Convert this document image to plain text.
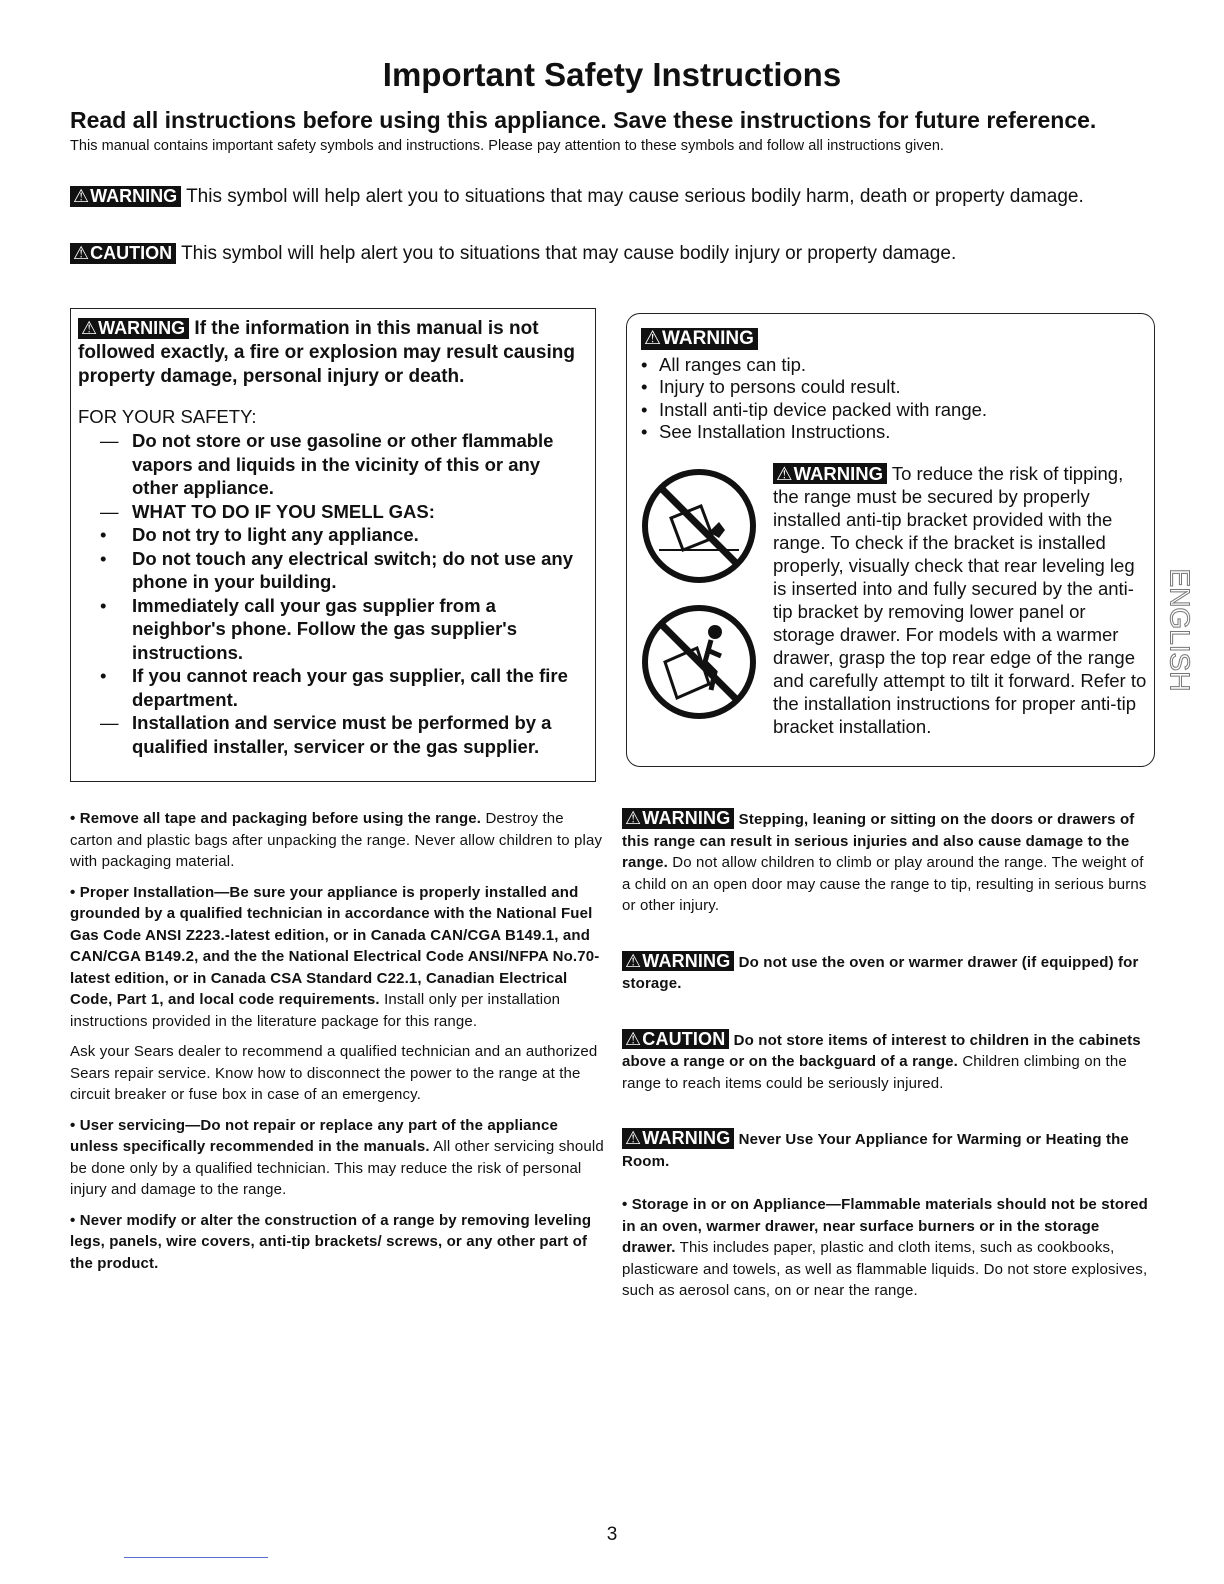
Important Safety Instructions

Read all instructions before using this appliance. Save these instructions for future reference.

This manual contains important safety symbols and instructions. Please pay attention to these symbols and follow all instructions given.

⚠WARNING This symbol will help alert you to situations that may cause serious bodily harm, death or property damage.

⚠CAUTION This symbol will help alert you to situations that may cause bodily injury or property damage.

⚠WARNING If the information in this manual is not followed exactly, a fire or explosion may result causing property damage, personal injury or death.

FOR YOUR SAFETY:

— Do not store or use gasoline or other flammable vapors and liquids in the vicinity of this or any other appliance.
— WHAT TO DO IF YOU SMELL GAS:
• Do not try to light any appliance.
• Do not touch any electrical switch; do not use any phone in your building.
• Immediately call your gas supplier from a neighbor's phone. Follow the gas supplier's instructions.
• If you cannot reach your gas supplier, call the fire department.
— Installation and service must be performed by a qualified installer, servicer or the gas supplier.
⚠WARNING
• All ranges can tip.
• Injury to persons could result.
• Install anti-tip device packed with range.
• See Installation Instructions.

⚠WARNING To reduce the risk of tipping, the range must be secured by properly installed anti-tip bracket provided with the range. To check if the bracket is installed properly, visually check that rear leveling leg is inserted into and fully secured by the anti-tip bracket by removing lower panel or storage drawer. For models with a warmer drawer, grasp the top rear edge of the range and carefully attempt to tilt it forward. Refer to the installation instructions for proper anti-tip bracket installation.

ENGLISH

• Remove all tape and packaging before using the range. Destroy the carton and plastic bags after unpacking the range. Never allow children to play with packaging material.

• Proper Installation—Be sure your appliance is properly installed and grounded by a qualified technician in accordance with the National Fuel Gas Code ANSI Z223.-latest edition, or in Canada CAN/CGA B149.1, and CAN/CGA B149.2, and the the National Electrical Code ANSI/NFPA No.70-latest edition, or in Canada CSA Standard C22.1, Canadian Electrical Code, Part 1, and local code requirements. Install only per installation instructions provided in the literature package for this range.

Ask your Sears dealer to recommend a qualified technician and an authorized Sears repair service. Know how to disconnect the power to the range at the circuit breaker or fuse box in case of an emergency.

• User servicing—Do not repair or replace any part of the appliance unless specifically recommended in the manuals. All other servicing should be done only by a qualified technician. This may reduce the risk of personal injury and damage to the range.

• Never modify or alter the construction of a range by removing leveling legs, panels, wire covers, anti-tip brackets/ screws, or any other part of the product.

⚠WARNING Stepping, leaning or sitting on the doors or drawers of this range can result in serious injuries and also cause damage to the range. Do not allow children to climb or play around the range. The weight of a child on an open door may cause the range to tip, resulting in serious burns or other injury.

⚠WARNING Do not use the oven or warmer drawer (if equipped) for storage.

⚠CAUTION Do not store items of interest to children in the cabinets above a range or on the backguard of a range. Children climbing on the range to reach items could be seriously injured.

⚠WARNING Never Use Your Appliance for Warming or Heating the Room.

• Storage in or on Appliance—Flammable materials should not be stored in an oven, warmer drawer, near surface burners or in the storage drawer. This includes paper, plastic and cloth items, such as cookbooks, plasticware and towels, as well as flammable liquids. Do not store explosives, such as aerosol cans, on or near the range.

3
